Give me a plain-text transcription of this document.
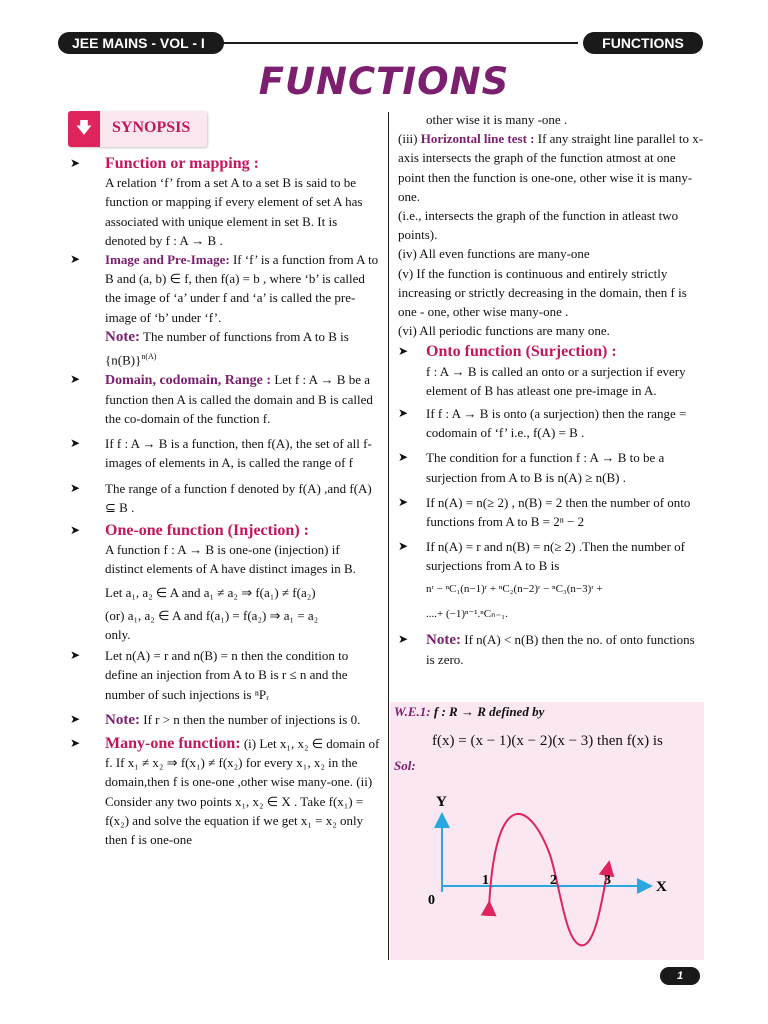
JEE MAINS - VOL - I	FUNCTIONS
FUNCTIONS
🡇	SYNOPSIS
➤ Function or mapping :

A relation ‘f’ from a set A to a set B is said to be function or mapping if every element of set A has associated with unique element in set B. It is denoted by f : A → B .

➤ Image and Pre-Image: If ‘f’ is a function from A to B and (a, b) ∈ f, then f(a) = b , where ‘b’ is called the image of ‘a’ under f and ‘a’ is called the pre-image of ‘b’ under ‘f’.

Note: The number of functions from A to B is $\{n(B)\}^{n(A)}$

➤ Domain, codomain, Range : Let f : A → B be a function then A is called the domain and B is called the co-domain of the function f.

➤ If f : A → B is a function, then f(A), the set of all f-images of elements in A, is called the range of f

➤ The range of a function f denoted by f(A) ,and f(A) ⊆ B .

➤ One-one function (Injection) :

A function f : A → B is one-one (injection) if distinct elements of A have distinct images in B.

Let a₁, a₂ ∈ A and a₁ ≠ a₂ ⇒ f(a₁) ≠ f(a₂)

(or) a₁, a₂ ∈ A and f(a₁) = f(a₂) ⇒ a₁ = a₂

only.

➤ Let n(A) = r and n(B) = n then the condition to define an injection from A to B is r ≤ n and the number of such injections is ⁿPᵣ

➤ Note: If r > n then the number of injections is 0.

➤ Many-one function: (i) Let x₁, x₂ ∈ domain of f. If x₁ ≠ x₂ ⇒ f(x₁) ≠ f(x₂) for every x₁, x₂ in the domain,then f is one-one ,other wise many-one. (ii) Consider any two points x₁, x₂ ∈ X . Take f(x₁) = f(x₂) and solve the equation if we get x₁ = x₂ only then f is one-one

other wise it is many -one .

(iii) Horizontal line test : If any straight line parallel to x-axis intersects the graph of the function atmost at one point then the function is one-one, other wise it is many-one.

(i.e., intersects the graph of the function in atleast two points).

(iv) All even functions are many-one

(v) If the function is continuous and entirely strictly increasing or strictly decreasing in the domain, then f is one - one, other wise many-one .

(vi) All periodic functions are many one.

➤ Onto function (Surjection) :

f : A → B is called an onto or a surjection if every element of B has atleast one pre-image in A.

➤ If f : A → B is onto (a surjection) then the range = codomain of ‘f’ i.e., f(A) = B .

➤ The condition for a function f : A → B to be a surjection from A to B is n(A) ≥ n(B) .

➤ If n(A) = n(≥ 2) , n(B) = 2 then the number of onto functions from A to B = 2ⁿ − 2

➤ If n(A) = r and n(B) = n(≥ 2) .Then the number of surjections from A to B is

nʳ − ⁿC₁(n−1)ʳ + ⁿC₂(n−2)ʳ − ⁿC₃(n−3)ʳ +

....+ (−1)ⁿ⁻¹.ⁿCₙ₋₁.

➤ Note: If n(A) < n(B) then the no. of onto functions is zero.

W.E.1: f : R → R defined by
f(x) = (x − 1)(x − 2)(x − 3) then f(x) is
Sol:
Y
X
0
1	2	3
1
